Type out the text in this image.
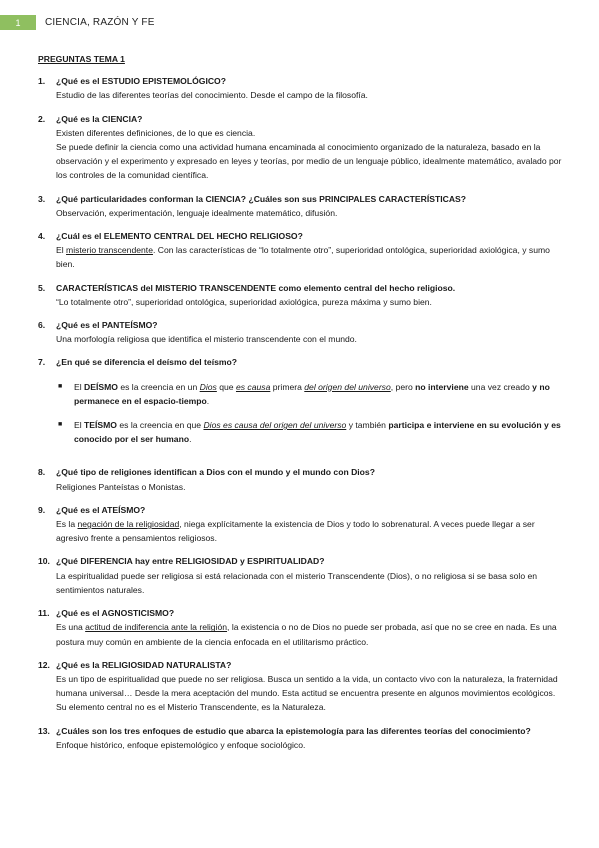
1	CIENCIA, RAZÓN Y FE
PREGUNTAS TEMA 1
1.	¿Qué es el ESTUDIO EPISTEMOLÓGICO?
Estudio de las diferentes teorías del conocimiento. Desde el campo de la filosofía.
2.	¿Qué es la CIENCIA?
Existen diferentes definiciones, de lo que es ciencia.
Se puede definir la ciencia como una actividad humana encaminada al conocimiento organizado de la naturaleza, basado en la observación y el experimento y expresado en leyes y teorías, por medio de un lenguaje público, idealmente matemático, avalado por los controles de la comunidad científica.
3.	¿Qué particularidades conforman la CIENCIA? ¿Cuáles son sus PRINCIPALES CARACTERÍSTICAS?
Observación, experimentación, lenguaje idealmente matemático, difusión.
4.	¿Cuál es el ELEMENTO CENTRAL DEL HECHO RELIGIOSO?
El misterio transcendente. Con las características de “lo totalmente otro”, superioridad ontológica, superioridad axiológica, y sumo bien.
5.	CARACTERÍSTICAS del MISTERIO TRANSCENDENTE como elemento central del hecho religioso.
“Lo totalmente otro”, superioridad ontológica, superioridad axiológica, pureza máxima y sumo bien.
6.	¿Qué es el PANTEÍSMO?
Una morfología religiosa que identifica el misterio transcendente con el mundo.
7.	¿En qué se diferencia el deísmo del teísmo?
■	El DEÍSMO es la creencia en un Dios que es causa primera del origen del universo, pero no interviene una vez creado y no permanece en el espacio-tiempo.
■	El TEÍSMO es la creencia en que Dios es causa del origen del universo y también participa e interviene en su evolución y es conocido por el ser humano.
8.	¿Qué tipo de religiones identifican a Dios con el mundo y el mundo con Dios?
Religiones Panteístas o Monistas.
9.	¿Qué es el ATEÍSMO?
Es la negación de la religiosidad, niega explícitamente la existencia de Dios y todo lo sobrenatural. A veces puede llegar a ser agresivo frente a pensamientos religiosos.
10. ¿Qué DIFERENCIA hay entre RELIGIOSIDAD y ESPIRITUALIDAD?
La espiritualidad puede ser religiosa si está relacionada con el misterio Transcendente (Dios), o no religiosa si se basa solo en sentimientos naturales.
11. ¿Qué es el AGNOSTICISMO?
Es una actitud de indiferencia ante la religión, la existencia o no de Dios no puede ser probada, así que no se cree en nada. Es una postura muy común en ambiente de la ciencia enfocada en el utilitarismo práctico.
12. ¿Qué es la RELIGIOSIDAD NATURALISTA?
Es un tipo de espiritualidad que puede no ser religiosa. Busca un sentido a la vida, un contacto vivo con la naturaleza, la fraternidad humana universal… Desde la mera aceptación del mundo. Esta actitud se encuentra presente en algunos movimientos ecológicos. Su elemento central no es el Misterio Transcendente, es la Naturaleza.
13. ¿Cuáles son los tres enfoques de estudio que abarca la epistemología para las diferentes teorías del conocimiento?
Enfoque histórico, enfoque epistemológico y enfoque sociológico.
